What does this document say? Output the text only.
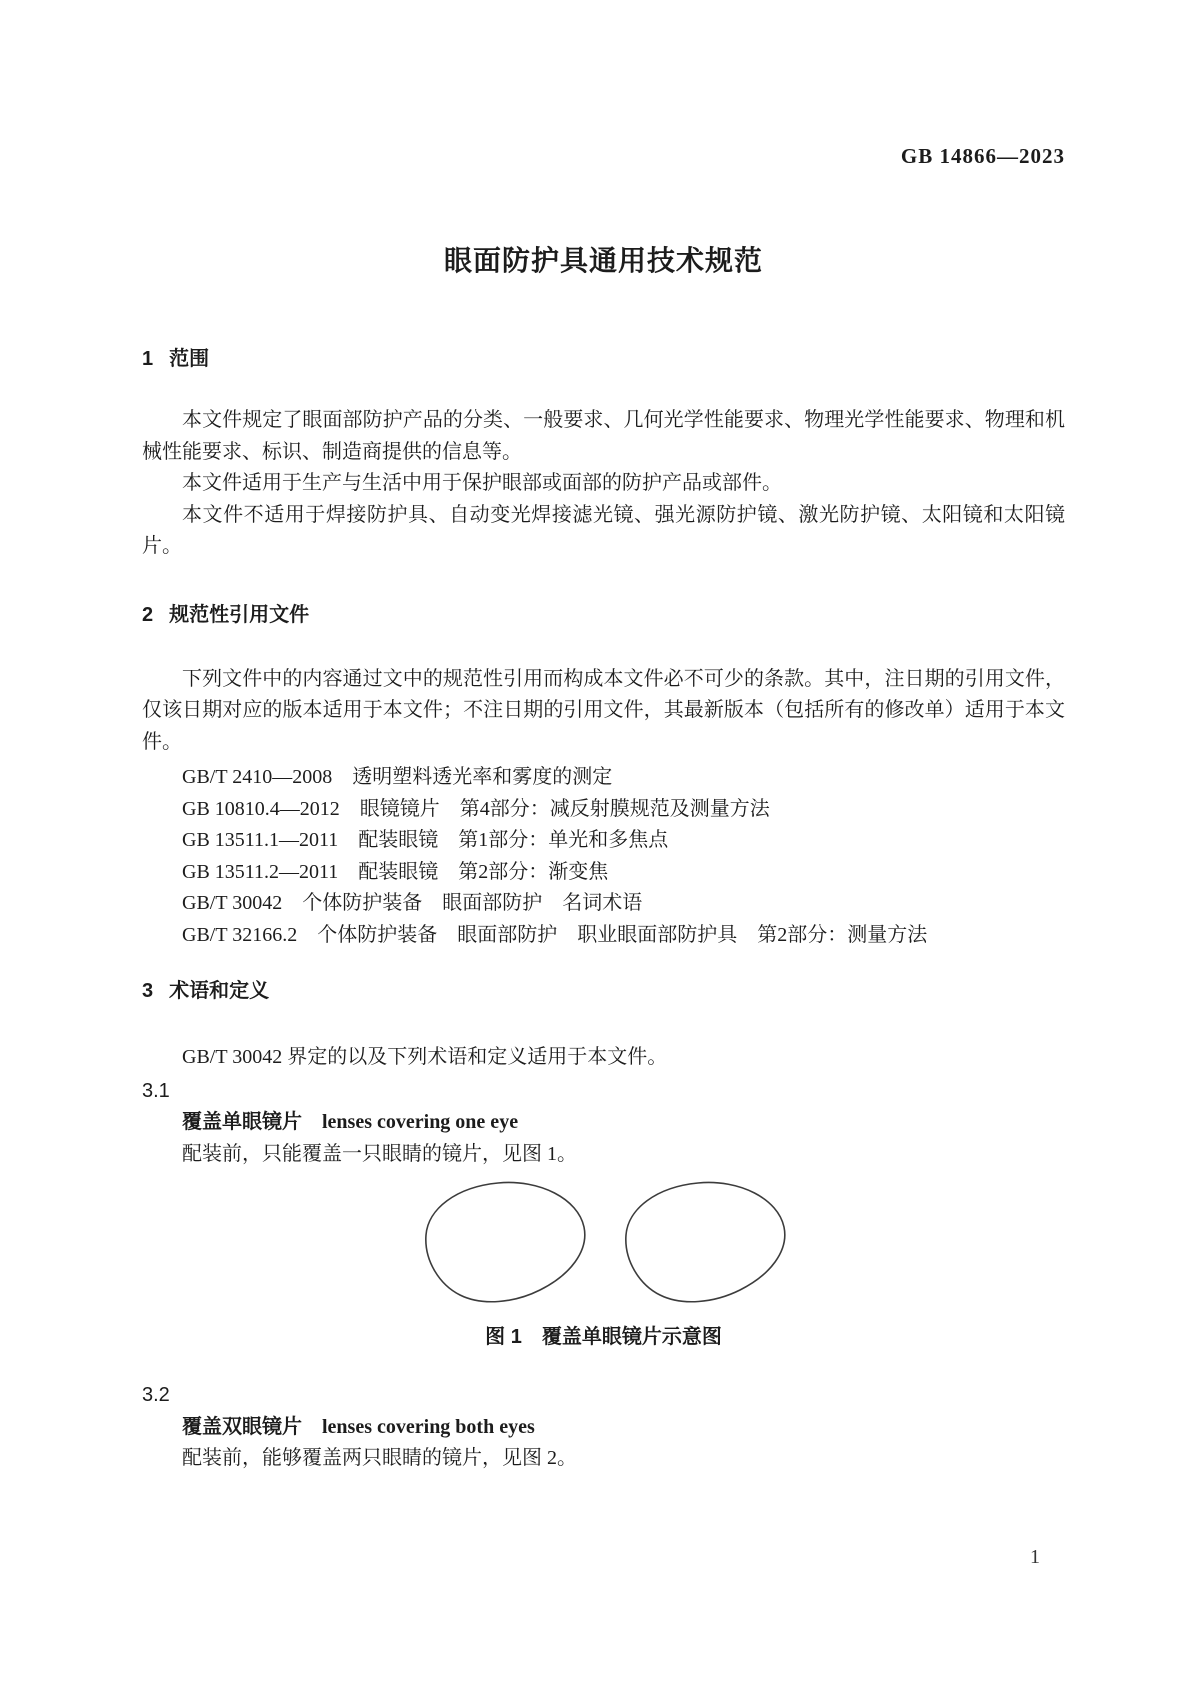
GB 14866—2023
眼面防护具通用技术规范
1 范围

本文件规定了眼面部防护产品的分类、一般要求、几何光学性能要求、物理光学性能要求、物理和机械性能要求、标识、制造商提供的信息等。

本文件适用于生产与生活中用于保护眼部或面部的防护产品或部件。

本文件不适用于焊接防护具、自动变光焊接滤光镜、强光源防护镜、激光防护镜、太阳镜和太阳镜片。

2 规范性引用文件

下列文件中的内容通过文中的规范性引用而构成本文件必不可少的条款。其中，注日期的引用文件，仅该日期对应的版本适用于本文件；不注日期的引用文件，其最新版本（包括所有的修改单）适用于本文件。

GB/T 2410—2008　透明塑料透光率和雾度的测定
GB 10810.4—2012　眼镜镜片　第4部分：减反射膜规范及测量方法
GB 13511.1—2011　配装眼镜　第1部分：单光和多焦点
GB 13511.2—2011　配装眼镜　第2部分：渐变焦
GB/T 30042　个体防护装备　眼面部防护　名词术语
GB/T 32166.2　个体防护装备　眼面部防护　职业眼面部防护具　第2部分：测量方法
3 术语和定义

GB/T 30042 界定的以及下列术语和定义适用于本文件。

3.1
覆盖单眼镜片 lenses covering one eye
配装前，只能覆盖一只眼睛的镜片，见图 1。
图 1　覆盖单眼镜片示意图
3.2
覆盖双眼镜片 lenses covering both eyes
配装前，能够覆盖两只眼睛的镜片，见图 2。
1
